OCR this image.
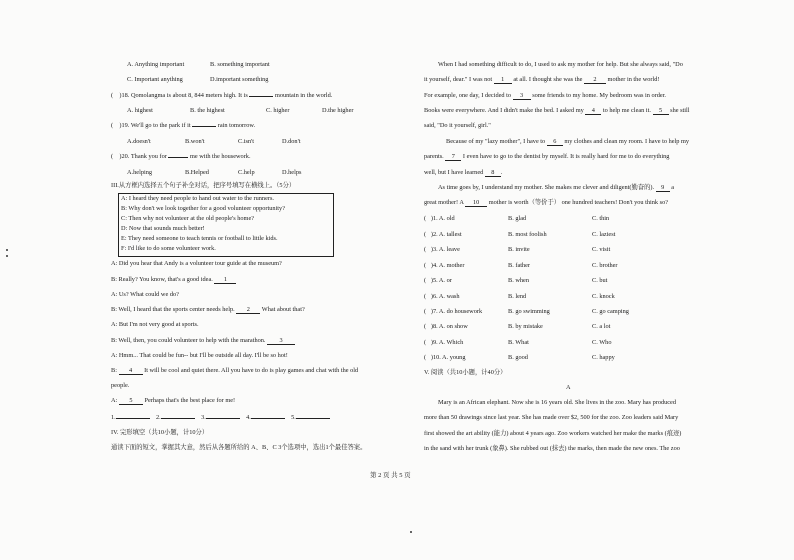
A. Anything important	B. something important
C. Important anything	D.important something
( )18. Qomolangma is about 8, 844 meters high. It is	mountain in the world.
A. highest	B. the highest	C. higher	D.the higher
( )19. We'll go to the park if it	rain tomorrow.
A.doesn't	B.won't	C.isn't	D.don't
( )20. Thank you for	me with the housework.
A.helping	B.Helped	C.help	D.helps
III.从方框内选择五个句子补全对话，把序号填写在横线上。（5分）
A: I heard they need people to hand out water to the runners.
B: Why don't we look together for a good volunteer opportunity?
C: Then why not volunteer at the old people's home?
D: Now that sounds much better!
E: They need someone to teach tennis or football to little kids.
F: I'd like to do some volunteer work.
A: Did you hear that Andy is a volunteer tour guide at the museum?
B: Really? You know, that's a good idea. 1
A: Us? What could we do?
B: Well, I heard that the sports center needs help. 2 What about that?
A: But I'm not very good at sports.
B: Well, then, you could volunteer to help with the marathon. 3
A: Hmm... That could be fun-- but I'll be outside all day. I'll be so hot!
B: 4 It will be cool and quiet there. All you have to do is play games and chat with the old
people.
A: 5 Perhaps that's the best place for me!
1.	2.	3.	4.	5.
IV. 完形填空（共10小题，计10分）
通读下面的短文，掌握其大意，然后从各题所给的 A、B、C 3个选项中，选出1个最佳答案。
When I had something difficult to do, I used to ask my mother for help. But she always said, "Do
it yourself, dear." I was not 1 at all. I thought she was the 2 mother in the world!
For example, one day, I decided to 3 some friends to my home. My bedroom was in order.
Books were everywhere. And I didn't make the bed. I asked my 4 to help me clean it. 5 she still
said, "Do it yourself, girl."
Because of my "lazy mother", I have to 6 my clothes and clean my room. I have to help my
parents. 7 I even have to go to the dentist by myself. It is really hard for me to do everything
well, but I have learned 8 .
As time goes by, I understand my mother. She makes me clever and diligent(勤奋的). 9 a
great mother! A 10 mother is worth（等价于） one hundred teachers! Don't you think so?
( )1. A. old	B. glad	C. thin
( )2. A. tallest	B. most foolish	C. laziest
( )3. A. leave	B. invite	C. visit
( )4. A. mother	B. father	C. brother
( )5. A. or	B. when	C. but
( )6. A. wash	B. lend	C. knock
( )7. A. do housework	B. go swimming	C. go camping
( )8. A. on show	B. by mistake	C. a lot
( )9. A. Which	B. What	C. Who
( )10. A. young	B. good	C. happy
V. 阅读（共10小题，计40分）
A
Mary is an African elephant. Now she is 16 years old. She lives in the zoo. Mary has produced
more than 50 drawings since last year. She has made over $2, 500 for the zoo. Zoo leaders said Mary
first showed the art ability (能力) about 4 years ago. Zoo workers watched her make the marks (痕迹)
in the sand with her trunk (象鼻). She rubbed out (抹去) the marks, then made the new ones. The zoo
第 2 页 共 5 页
